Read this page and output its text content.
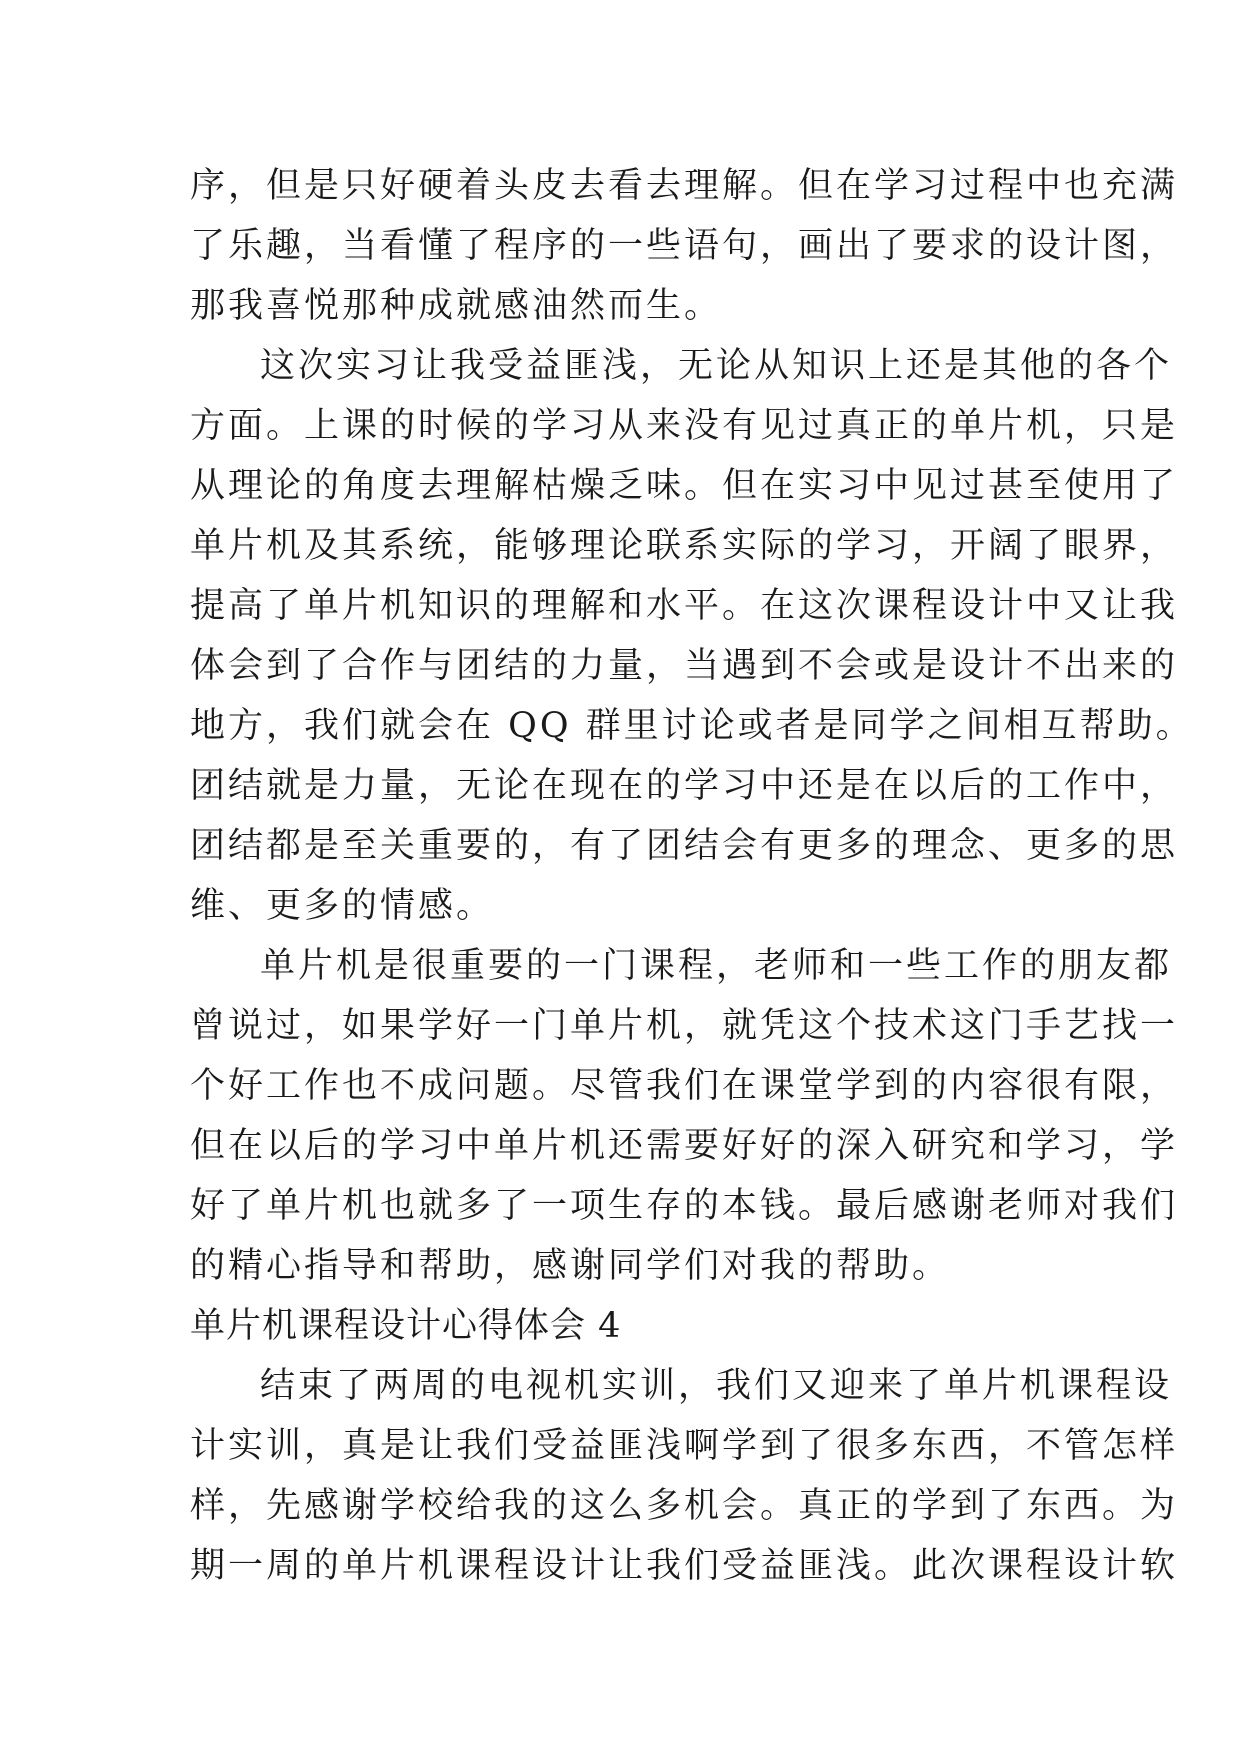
序，但是只好硬着头皮去看去理解。但在学习过程中也充满
了乐趣，当看懂了程序的一些语句，画出了要求的设计图，
那我喜悦那种成就感油然而生。
这次实习让我受益匪浅，无论从知识上还是其他的各个
方面。上课的时候的学习从来没有见过真正的单片机，只是
从理论的角度去理解枯燥乏味。但在实习中见过甚至使用了
单片机及其系统，能够理论联系实际的学习，开阔了眼界，
提高了单片机知识的理解和水平。在这次课程设计中又让我
体会到了合作与团结的力量，当遇到不会或是设计不出来的
地方，我们就会在 QQ 群里讨论或者是同学之间相互帮助。
团结就是力量，无论在现在的学习中还是在以后的工作中，
团结都是至关重要的，有了团结会有更多的理念、更多的思
维、更多的情感。
单片机是很重要的一门课程，老师和一些工作的朋友都
曾说过，如果学好一门单片机，就凭这个技术这门手艺找一
个好工作也不成问题。尽管我们在课堂学到的内容很有限，
但在以后的学习中单片机还需要好好的深入研究和学习，学
好了单片机也就多了一项生存的本钱。最后感谢老师对我们
的精心指导和帮助，感谢同学们对我的帮助。
单片机课程设计心得体会 4
结束了两周的电视机实训，我们又迎来了单片机课程设
计实训，真是让我们受益匪浅啊学到了很多东西，不管怎样
样，先感谢学校给我的这么多机会。真正的学到了东西。为
期一周的单片机课程设计让我们受益匪浅。此次课程设计软
